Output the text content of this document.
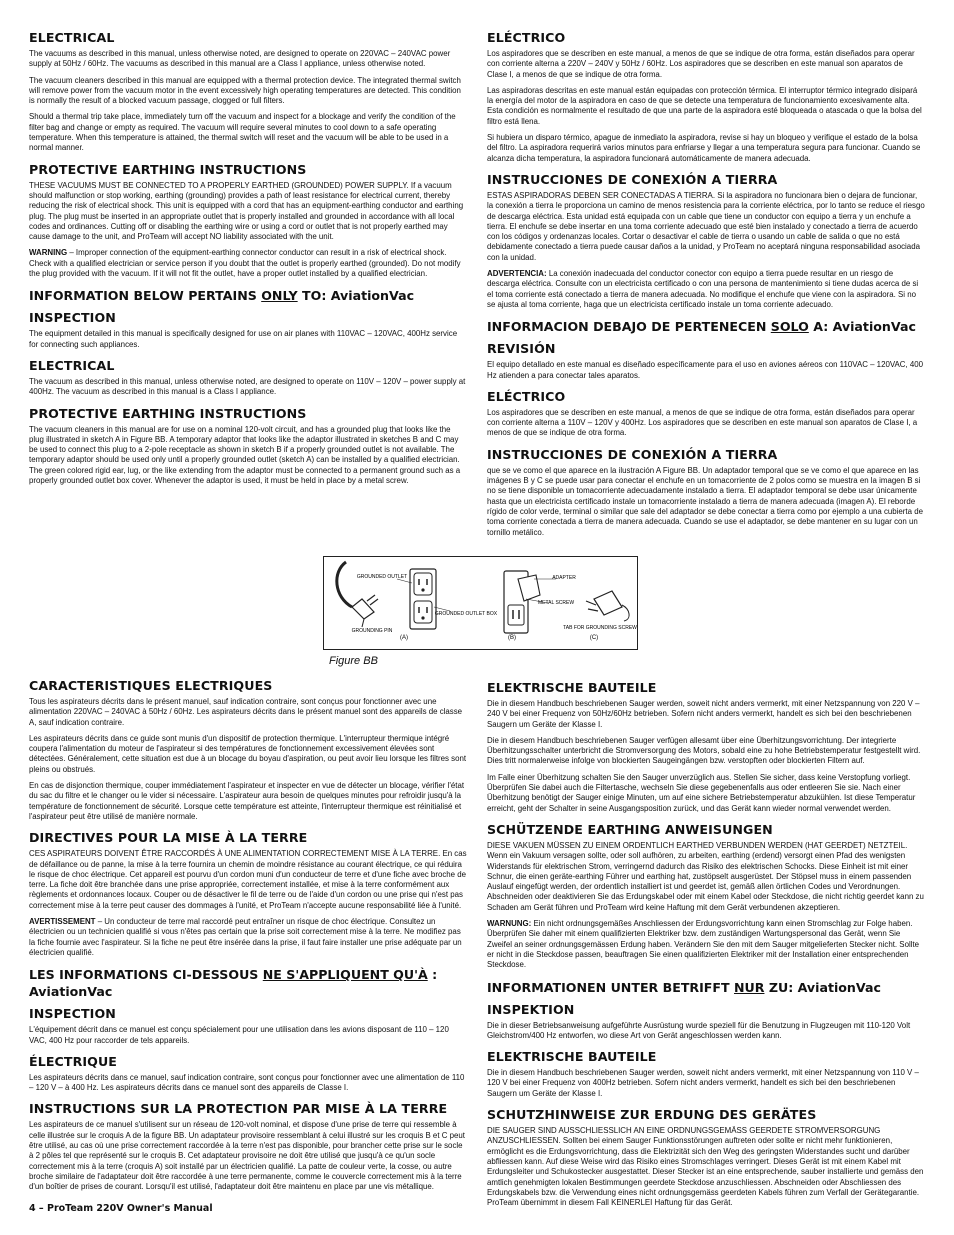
ELECTRICAL

The vacuums as described in this manual, unless otherwise noted, are designed to operate on 220VAC – 240VAC power supply at 50Hz / 60Hz. The vacuums as described in this manual are a Class I appliance, unless otherwise noted.

The vacuum cleaners described in this manual are equipped with a thermal protection device. The integrated thermal switch will remove power from the vacuum motor in the event excessively high operating temperatures are detected. This condition is normally the result of a blocked vacuum passage, clogged or full filters.

Should a thermal trip take place, immediately turn off the vacuum and inspect for a blockage and verify the condition of the filter bag and change or empty as required. The vacuum will require several minutes to cool down to a safe operating temperature. When this temperature is attained, the thermal switch will reset and the vacuum will be able to be used in a normal manner.

PROTECTIVE EARTHING INSTRUCTIONS

THESE VACUUMS MUST BE CONNECTED TO A PROPERLY EARTHED (GROUNDED) POWER SUPPLY. If a vacuum should malfunction or stop working, earthing (grounding) provides a path of least resistance for electrical current, thereby reducing the risk of electrical shock. This unit is equipped with a cord that has an equipment-earthing conductor and earthing plug. The plug must be inserted in an appropriate outlet that is properly installed and grounded in accordance with all local codes and ordinances. Cutting off or disabling the earthing wire or using a cord or outlet that is not properly earthed may cause damage to the unit, and ProTeam will accept NO liability associated with the unit.

WARNING – Improper connection of the equipment-earthing connector conductor can result in a risk of electrical shock. Check with a qualified electrician or service person if you doubt that the outlet is properly earthed (grounded). Do not modify the plug provided with the vacuum. If it will not fit the outlet, have a proper outlet installed by a qualified electrician.

INFORMATION BELOW PERTAINS ONLY TO: AviationVac
INSPECTION

The equipment detailed in this manual is specifically designed for use on air planes with 110VAC – 120VAC, 400Hz service for connecting such appliances.

ELECTRICAL

The vacuum as described in this manual, unless otherwise noted, are designed to operate on 110V – 120V – power supply at 400Hz. The vacuum as described in this manual is a Class I appliance.

PROTECTIVE EARTHING INSTRUCTIONS

The vacuum cleaners in this manual are for use on a nominal 120-volt circuit, and has a grounded plug that looks like the plug illustrated in sketch A in Figure BB. A temporary adaptor that looks like the adaptor illustrated in sketches B and C may be used to connect this plug to a 2-pole receptacle as shown in sketch B if a properly grounded outlet is not available. The temporary adaptor should be used only until a properly grounded outlet (sketch A) can be installed by a qualified electrician. The green colored rigid ear, lug, or the like extending from the adaptor must be connected to a permanent ground such as a properly grounded outlet box cover. Whenever the adaptor is used, it must be held in place by a metal screw.

ELÉCTRICO

Los aspiradores que se describen en este manual, a menos de que se indique de otra forma, están diseñados para operar con corriente alterna a 220V – 240V y 50Hz / 60Hz. Los aspiradores que se describen en este manual son aparatos de Clase I, a menos de que se indique de otra forma.

Las aspiradoras descritas en este manual están equipadas con protección térmica. El interruptor térmico integrado disipará la energía del motor de la aspiradora en caso de que se detecte una temperatura de funcionamiento excesivamente alta. Esta condición es normalmente el resultado de que una parte de la aspiradora esté bloqueada o atascada o que la bolsa del filtro está llena.

Si hubiera un disparo térmico, apague de inmediato la aspiradora, revise si hay un bloqueo y verifique el estado de la bolsa del filtro. La aspiradora requerirá varios minutos para enfriarse y llegar a una temperatura segura para funcionar. Cuando se alcanza dicha temperatura, la aspiradora funcionará automáticamente de manera adecuada.

INSTRUCCIONES DE CONEXIÓN A TIERRA

ESTAS ASPIRADORAS DEBEN SER CONECTADAS A TIERRA. Si la aspiradora no funcionara bien o dejara de funcionar, la conexión a tierra le proporciona un camino de menos resistencia para la corriente eléctrica, por lo tanto se reduce el riesgo de descarga eléctrica. Esta unidad está equipada con un cable que tiene un conductor con equipo a tierra y un enchufe a tierra. El enchufe se debe insertar en una toma corriente adecuado que esté bien instalado y conectado a tierra de acuerdo con los códigos y ordenanzas locales. Cortar o desactivar el cable de tierra o usando un cable de salida o que no está debidamente conectado a tierra puede causar daños a la unidad, y ProTeam no aceptará ninguna responsabilidad asociada con la unidad.

ADVERTENCIA: La conexión inadecuada del conductor conector con equipo a tierra puede resultar en un riesgo de descarga eléctrica. Consulte con un electricista certificado o con una persona de mantenimiento si tiene dudas acerca de si el toma corriente está conectado a tierra de manera adecuada. No modifique el enchufe que viene con la aspiradora. Si no se ajusta al toma corriente, haga que un electricista certificado instale un toma corriente adecuado.

INFORMACION DEBAJO DE PERTENECEN SOLO A: AviationVac
REVISIÓN

El equipo detallado en este manual es diseñado específicamente para el uso en aviones aéreos con 110VAC – 120VAC, 400 Hz atienden a para conectar tales aparatos.

ELÉCTRICO

Los aspiradores que se describen en este manual, a menos de que se indique de otra forma, están diseñados para operar con corriente alterna a 110V – 120V y 400Hz. Los aspiradores que se describen en este manual son aparatos de Clase I, a menos de que se indique de otra forma.

INSTRUCCIONES DE CONEXIÓN A TIERRA

que se ve como el que aparece en la ilustración A Figure BB. Un adaptador temporal que se ve como el que aparece en las imágenes B y C se puede usar para conectar el enchufe en un tomacorriente de 2 polos como se muestra en la imagen B si no se tiene disponible un tomacorriente adecuadamente instalado a tierra. El adaptador temporal se debe usar únicamente hasta que un electricista certificado instale un tomacorriente instalado a tierra de manera adecuada (imagen A). El reborde rígido de color verde, terminal o similar que sale del adaptador se debe conectar a tierra como por ejemplo a una cubierta de toma corriente conectada a tierra de manera adecuada. Cuando se use el adaptador, se debe mantener en su lugar con un tornillo metálico.

GROUNDED OUTLET
GROUNDING PIN
GROUNDED OUTLET BOX
ADAPTER
METAL SCREW
TAB FOR GROUNDING SCREW
(A)	(B)	(C)
Figure BB
CARACTERISTIQUES ELECTRIQUES

Tous les aspirateurs décrits dans le présent manuel, sauf indication contraire, sont conçus pour fonctionner avec une alimentation 220VAC – 240VAC à 50Hz / 60Hz. Les aspirateurs décrits dans le présent manuel sont des appareils de classe A, sauf indication contraire.

Les aspirateurs décrits dans ce guide sont munis d'un dispositif de protection thermique. L'interrupteur thermique intégré coupera l'alimentation du moteur de l'aspirateur si des températures de fonctionnement excessivement élevées sont détectées. Généralement, cette situation est due à un blocage du boyau d'aspiration, ou peut avoir lieu lorsque les filtres sont pleins ou obstrués.

En cas de disjonction thermique, couper immédiatement l'aspirateur et inspecter en vue de détecter un blocage, vérifier l'état du sac du filtre et le changer ou le vider si nécessaire. L'aspirateur aura besoin de quelques minutes pour refroidir jusqu'à la température de fonctionnement de sécurité. Lorsque cette température est atteinte, l'interrupteur thermique est réinitialisé et l'aspirateur peut être utilisé de manière normale.

DIRECTIVES POUR LA MISE À LA TERRE

CES ASPIRATEURS DOIVENT ÊTRE RACCORDÉS À UNE ALIMENTATION CORRECTEMENT MISE À LA TERRE. En cas de défaillance ou de panne, la mise à la terre fournira un chemin de moindre résistance au courant électrique, ce qui réduira le risque de choc électrique. Cet appareil est pourvu d'un cordon muni d'un conducteur de terre et d'une fiche avec broche de terre. La fiche doit être branchée dans une prise appropriée, correctement installée, et mise à la terre conformément aux règlements et ordonnances locaux. Couper ou de désactiver le fil de terre ou de l'aide d'un cordon ou une prise qui n'est pas correctement mise à la terre peut causer des dommages à l'unité, et ProTeam n'accepte aucune responsabilité liée à l'unité.

AVERTISSEMENT – Un conducteur de terre mal raccordé peut entraîner un risque de choc électrique. Consultez un électricien ou un technicien qualifié si vous n'êtes pas certain que la prise soit correctement mise à la terre. Ne modifiez pas la fiche fournie avec l'aspirateur. Si la fiche ne peut être insérée dans la prise, il faut faire installer une prise adéquate par un électricien qualifié.

LES INFORMATIONS CI-DESSOUS NE S'APPLIQUENT QU'À : AviationVac
INSPECTION

L'équipement décrit dans ce manuel est conçu spécialement pour une utilisation dans les avions disposant de 110 – 120 VAC, 400 Hz pour raccorder de tels appareils.

ÉLECTRIQUE

Les aspirateurs décrits dans ce manuel, sauf indication contraire, sont conçus pour fonctionner avec une alimentation de 110 – 120 V – à 400 Hz. Les aspirateurs décrits dans ce manuel sont des appareils de Classe I.

INSTRUCTIONS SUR LA PROTECTION PAR MISE À LA TERRE

Les aspirateurs de ce manuel s'utilisent sur un réseau de 120-volt nominal, et dispose d'une prise de terre qui ressemble à celle illustrée sur le croquis A de la figure BB. Un adaptateur provisoire ressemblant à celui illustré sur les croquis B et C peut être utilisé, au cas où une prise correctement raccordée à la terre n'est pas disponible, pour brancher cette prise sur le socle à 2 pôles tel que représenté sur le croquis B. Cet adaptateur provisoire ne doit être utilisé que jusqu'à ce qu'un socle correctement mis à la terre (croquis A) soit installé par un électricien qualifié. La patte de couleur verte, la cosse, ou autre broche similaire de l'adaptateur doit être raccordée à une terre permanente, comme le couvercle correctement mis à la terre d'un boîtier de prises de courant. Lorsqu'il est utilisé, l'adaptateur doit être maintenu en place par une vis métallique.

ELEKTRISCHE BAUTEILE

Die in diesem Handbuch beschriebenen Sauger werden, soweit nicht anders vermerkt, mit einer Netzspannung von 220 V – 240 V bei einer Frequenz von 50Hz/60Hz betrieben. Sofern nicht anders vermerkt, handelt es sich bei den beschriebenen Saugern um Geräte der Klasse I.

Die in diesem Handbuch beschriebenen Sauger verfügen allesamt über eine Überhitzungsvorrichtung. Der integrierte Überhitzungsschalter unterbricht die Stromversorgung des Motors, sobald eine zu hohe Betriebstemperatur festgestellt wird. Dies tritt normalerweise infolge von blockierten Saugeingängen bzw. verstopften oder blockierten Filtern auf.

Im Falle einer Überhitzung schalten Sie den Sauger unverzüglich aus. Stellen Sie sicher, dass keine Verstopfung vorliegt. Überprüfen Sie dabei auch die Filtertasche, wechseln Sie diese gegebenenfalls aus oder entleeren Sie sie. Nach einer Überhitzung benötigt der Sauger einige Minuten, um auf eine sichere Betriebstemperatur abzukühlen. Ist diese Temperatur erreicht, geht der Schalter in seine Ausgangsposition zurück, und das Gerät kann wieder normal verwendet werden.

SCHÜTZENDE EARTHING ANWEISUNGEN

DIESE VAKUEN MÜSSEN ZU EINEM ORDENTLICH EARTHED VERBUNDEN WERDEN (HAT GEERDET) NETZTEIL. Wenn ein Vakuum versagen sollte, oder soll aufhören, zu arbeiten, earthing (erdend) versorgt einen Pfad des wenigsten Widerstands für elektrischen Strom, verringernd dadurch das Risiko des elektrischen Schocks. Diese Einheit ist mit einer Schnur, die einen geräte-earthing Führer und earthing hat, zustöpselt ausgerüstet. Der Stöpsel muss in einem passenden Auslauf eingefügt werden, der ordentlich installiert ist und geerdet ist, gemäß allen örtlichen Codes und Verordnungen. Abschneiden oder deaktivieren Sie das Erdungskabel oder mit einem Kabel oder Steckdose, die nicht richtig geerdet kann zu Schaden am Gerät führen und ProTeam wird keine Haftung mit dem Gerät verbundenen akzeptieren.

WARNUNG: Ein nicht ordnungsgemäßes Anschliessen der Erdungsvorrichtung kann einen Stromschlag zur Folge haben. Überprüfen Sie daher mit einem qualifizierten Elektriker bzw. dem zuständigen Wartungspersonal das Gerät, wenn Sie Zweifel an seiner ordnungsgemässen Erdung haben. Verändern Sie den mit dem Sauger mitgelieferten Stecker nicht. Sollte er nicht in die Steckdose passen, beauftragen Sie einen qualifizierten Elektriker mit der Installation einer entsprechenden Steckdose.

INFORMATIONEN UNTER BETRIFFT NUR ZU: AviationVac
INSPEKTION

Die in dieser Betriebsanweisung aufgeführte Ausrüstung wurde speziell für die Benutzung in Flugzeugen mit 110-120 Volt Gleichstrom/400 Hz entworfen, wo diese Art von Gerät angeschlossen werden kann.

ELEKTRISCHE BAUTEILE

Die in diesem Handbuch beschriebenen Sauger werden, soweit nicht anders vermerkt, mit einer Netzspannung von 110 V – 120 V bei einer Frequenz von 400Hz betrieben. Sofern nicht anders vermerkt, handelt es sich bei den beschriebenen Saugern um Geräte der Klasse I.

SCHUTZHINWEISE ZUR ERDUNG DES GERÄTES

DIE SAUGER SIND AUSSCHLIESSLICH AN EINE ORDNUNGSGEMÄSS GEERDETE STROMVERSORGUNG ANZUSCHLIESSEN. Sollten bei einem Sauger Funktionsstörungen auftreten oder sollte er nicht mehr funktionieren, ermöglicht es die Erdungsvorrichtung, dass die Elektrizität sich den Weg des geringsten Widerstandes sucht und darüber abfliessen kann. Auf diese Weise wird das Risiko eines Stromschlages verringert. Dieses Gerät ist mit einem Kabel mit Erdungsleiter und Schukostecker ausgestattet. Dieser Stecker ist an eine entsprechende, sauber installierte und gemäss den amtlich genehmigten lokalen Bestimmungen geerdete Steckdose anzuschliessen. Abschneiden oder Abschliessen des Erdungskabels bzw. die Verwendung eines nicht ordnungsgemäss geerdeten Kabels führen zum Verfall der Gerätegarantie. ProTeam übernimmt in diesem Fall KEINERLEI Haftung für das Gerät.

4 – ProTeam 220V Owner's Manual
